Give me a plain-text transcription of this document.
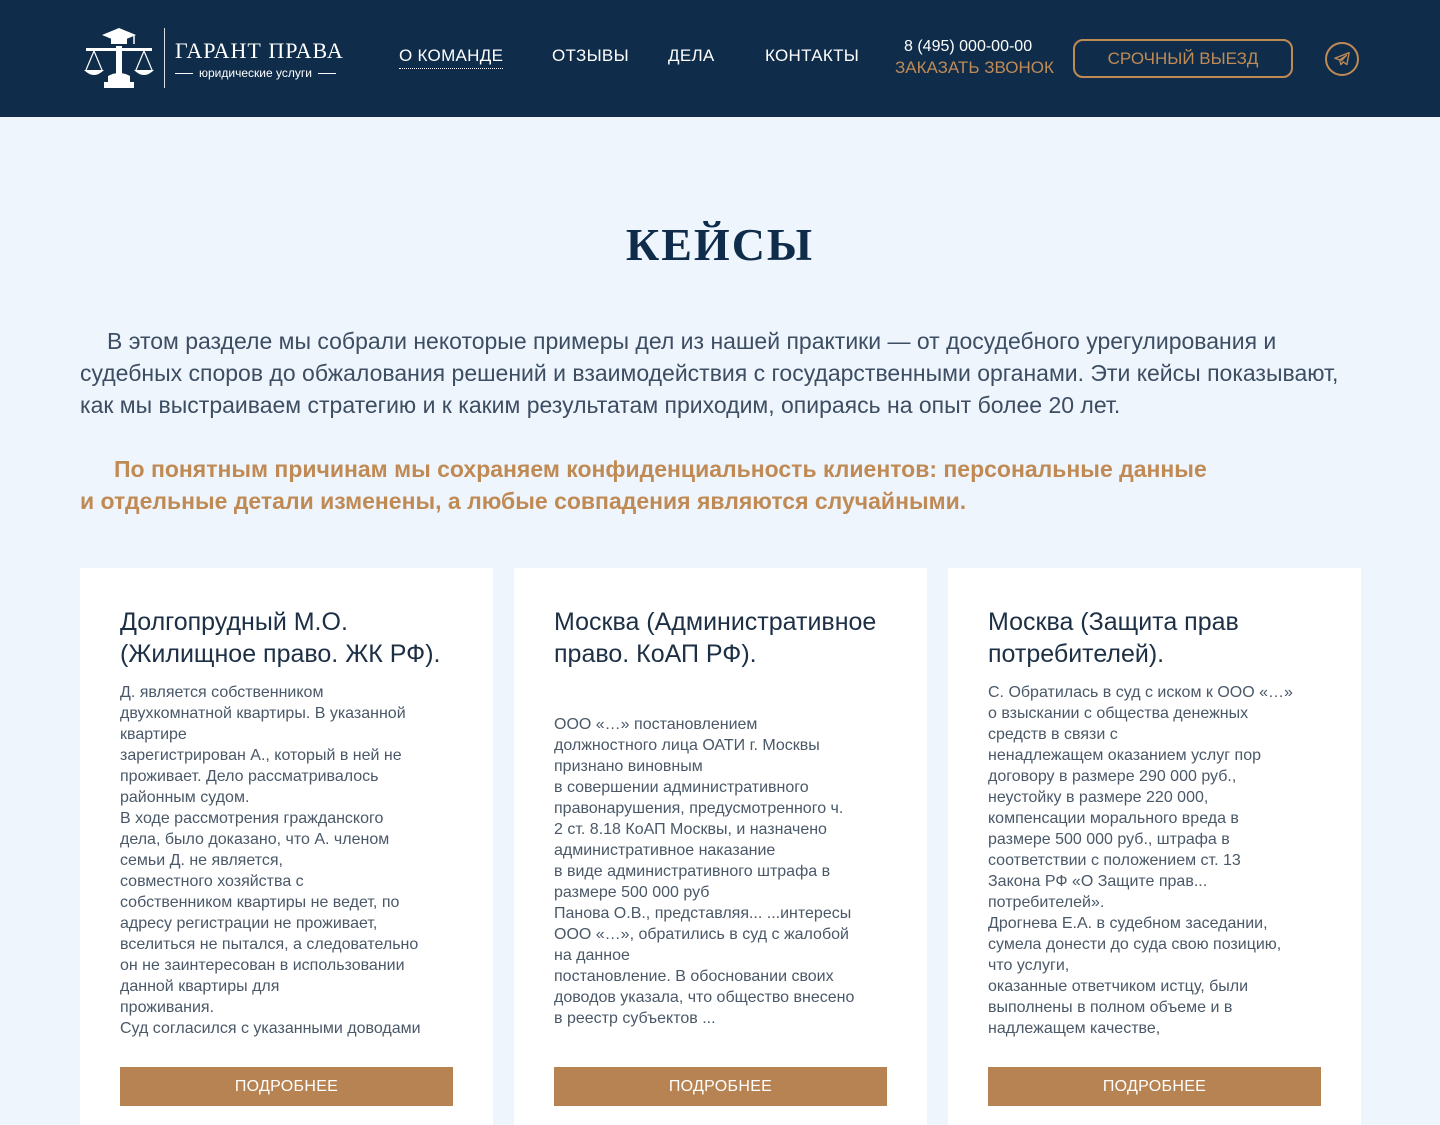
ГАРАНТ ПРАВА
юридические услуги
О КОМАНДЕ	ОТЗЫВЫ ДЕЛА	КОНТАКТЫ	8 (495) 000-00-00
ЗАКАЗАТЬ ЗВОНОК	СРОЧНЫЙ ВЫЕЗД
КЕЙСЫ

В этом разделе мы собрали некоторые примеры дел из нашей практики — от досудебного урегулирования и судебных споров до обжалования решений и взаимодействия с государственными органами. Эти кейсы показывают, как мы выстраиваем стратегию и к каким результатам приходим, опираясь на опыт более 20 лет.

По понятным причинам мы сохраняем конфиденциальность клиентов: персональные данные
и отдельные детали изменены, а любые совпадения являются случайными.
Долгопрудный М.О. (Жилищное право. ЖК РФ).
Д. является собственником
двухкомнатной квартиры. В указанной
квартире
зарегистрирован А., который в ней не
проживает. Дело рассматривалось
районным судом.
В ходе рассмотрения гражданского
дела, было доказано, что А. членом
семьи Д. не является,
совместного хозяйства с
собственником квартиры не ведет, по
адресу регистрации не проживает,
вселиться не пытался, а следовательно
он не заинтересован в использовании
данной квартиры для
проживания.
Суд согласился с указанными доводами
ПОДРОБНЕЕ
Москва (Административное право. КоАП РФ).
ООО «…» постановлением
должностного лица ОАТИ г. Москвы
признано виновным
в совершении административного
правонарушения, предусмотренного ч.
2 ст. 8.18 КоАП Москвы, и назначено
административное наказание
в виде административного штрафа в
размере 500 000 руб
Панова О.В., представляя... ...интересы
ООО «…», обратились в суд с жалобой
на данное
постановление. В обосновании своих
доводов указала, что общество внесено
в реестр субъектов ...
ПОДРОБНЕЕ
Москва (Защита прав потребителей).
С. Обратилась в суд с иском к ООО «…»
о взыскании с общества денежных
средств в связи с
ненадлежащем оказанием услуг пор
договору в размере 290 000 руб.,
неустойку в размере 220 000,
компенсации морального вреда в
размере 500 000 руб., штрафа в
соответствии с положением ст. 13
Закона РФ «О Защите прав...
потребителей».
Дрогнева Е.А. в судебном заседании,
сумела донести до суда свою позицию,
что услуги,
оказанные ответчиком истцу, были
выполнены в полном объеме и в
надлежащем качестве,
ПОДРОБНЕЕ
